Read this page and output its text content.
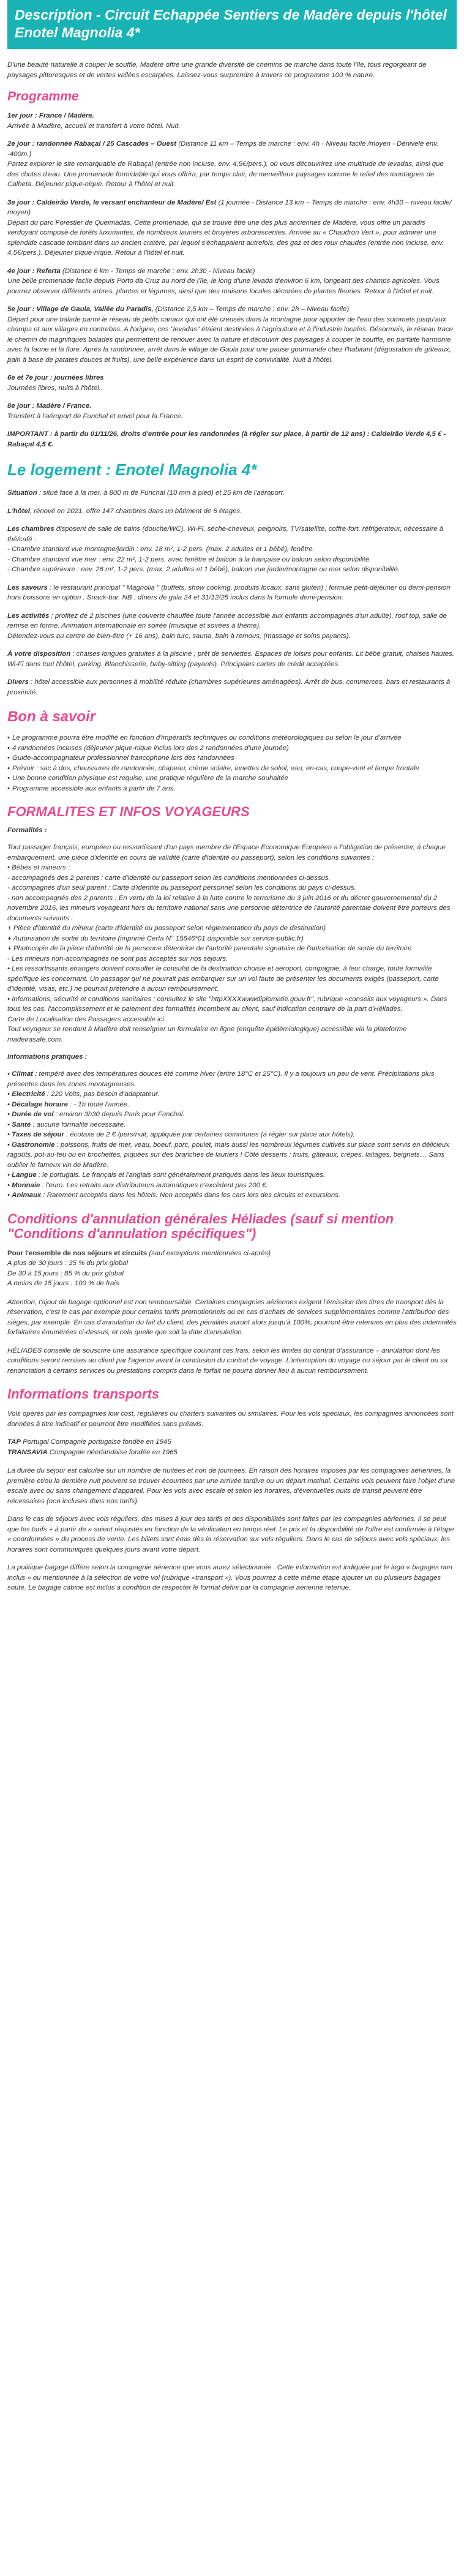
Description - Circuit Echappée Sentiers de Madère depuis l'hôtel Enotel Magnolia 4*

D'une beauté naturelle à couper le souffle, Madère offre une grande diversité de chemins de marche dans toute l'île, tous regorgeant de paysages pittoresques et de vertes vallées escarpées. Laissez-vous surprendre à travers ce programme 100 % nature.

Programme

1er jour : France / Madère.
Arrivée à Madère, accueil et transfert à votre hôtel. Nuit.

2e jour : randonnée Rabaçal / 25 Cascades – Ouest (Distance 11 km – Temps de marche : env. 4h - Niveau facile /moyen - Dénivelé env. -400m.)
Partez explorer le site remarquable de Rabaçal (entrée non incluse, env. 4,5€/pers.), où vous découvrirez une multitude de levadas, ainsi que des chutes d'eau. Une promenade formidable qui vous offrira, par temps clair, de merveilleux paysages comme le relief des montagnes de Calheta. Déjeuner pique-nique. Retour à l'hôtel et nuit.

3e jour : Caldeirão Verde, le versant enchanteur de Madère/ Est (1 journée - Distance 13 km – Temps de marche : env. 4h30 – niveau facile/ moyen)
Départ du parc Forestier de Queimadas. Cette promenade, qui se trouve être une des plus anciennes de Madère, vous offre un paradis verdoyant composé de forêts luxuriantes, de nombreux lauriers et bruyères arborescentes. Arrivée au « Chaudron Vert », pour admirer une splendide cascade tombant dans un ancien cratère, par lequel s'échappaient autrefois, des gaz et des roux chaudes (entrée non incluse, env. 4,5€/pers.). Déjeuner pique-nique. Retour à l'hôtel et nuit.

4e jour : Referta (Distance 6 km - Temps de marche : env. 2h30 - Niveau facile)
Une belle promenade facile depuis Porto da Cruz au nord de l'île, le long d'une levada d'environ 6 km, longeant des champs agricoles. Vous pourrez observer différents arbres, plantes et légumes, ainsi que des maisons locales décorées de plantes fleuries. Retour à l'hôtel et nuit.

5e jour : Village de Gaula, Vallée du Paradis, (Distance 2,5 km – Temps de marche : env. 2h – Niveau facile)
Départ pour une balade parmi le réseau de petits canaux qui ont été creusés dans la montagne pour apporter de l'eau des sommets jusqu'aux champs et aux villages en contrebas. A l'origine, ces "levadas" étaient destinées à l'agriculture et à l'industrie locales. Désormais, le réseau trace le chemin de magnifiques balades qui permettent de renouer avec la nature et découvrir des paysages à couper le souffle, en parfaite harmonie avec la faune et la flore. Après la randonnée, arrêt dans le village de Gaula pour une pause gourmande chez l'habitant (dégustation de gâteaux, pain à base de patates douces et fruits), une belle expérience dans un esprit de convivialité. Nuit à l'hôtel.

6e et 7e jour : journées libres
Journées libres, nuits à l'hôtel..

8e jour : Madère / France.
Transfert à l'aéroport de Funchal et envol pour la France.

IMPORTANT : à partir du 01/11/26, droits d'entrée pour les randonnées (à régler sur place, à partir de 12 ans) : Caldeirão Verde 4,5 € - Rabaçal 4,5 €.

Le logement : Enotel Magnolia 4*

Situation : situé face à la mer, à 800 m de Funchal (10 min à pied) et 25 km de l'aéroport.

L'hôtel, rénové en 2021, offre 147 chambres dans un bâtiment de 6 étages.

Les chambres disposent de salle de bains (douche/WC), Wi-Fi, sèche-cheveux, peignoirs, TV/satellite, coffre-fort, réfrigérateur, nécessaire à thé/café :
- Chambre standard vue montagne/jardin : env. 18 m², 1-2 pers. (max. 2 adultes et 1 bébé), fenêtre.
- Chambre standard vue mer : env. 22 m², 1-2 pers. avec fenêtre et balcon à la française ou balcon selon disponibilité.
- Chambre supérieure : env. 26 m², 1-2 pers. (max. 2 adultes et 1 bébé), balcon vue jardin/montagne ou mer selon disponibilité.

Les saveurs : le restaurant principal " Magnolia " (buffets, show cooking, produits locaux, sans gluten) ; formule petit-déjeuner ou demi-pension hors boissons en option . Snack-bar. NB : dîners de gala 24 et 31/12/25 inclus dans la formule demi-pension.

Les activités : profitez de 2 piscines (une couverte chauffée toute l'année accessible aux enfants accompagnés d'un adulte), roof top, salle de remise en forme. Animation internationale en soirée (musique et soirées à thème).
Détendez-vous au centre de bien-être (+ 16 ans), bain turc, sauna, bain à remous, (massage et soins payants).

À votre disposition : chaises longues gratuites à la piscine ; prêt de serviettes. Espaces de loisirs pour enfants. Lit bébé gratuit, chaises hautes. Wi-Fi dans tout l'hôtel, parking. Blanchisserie, baby-sitting (payants). Principales cartes de crédit acceptées.

Divers : hôtel accessible aux personnes à mobilité réduite (chambres supérieures aménagées). Arrêt de bus, commerces, bars et restaurants à proximité.

Bon à savoir
• Le programme pourra être modifié en fonction d'impératifs techniques ou conditions météorologiques ou selon le jour d'arrivée
• 4 randonnées incluses (déjeuner pique-nique inclus lors des 2 randonnées d'une journée)
• Guide-accompagnateur professionnel francophone lors des randonnées
• Prévoir : sac à dos, chaussures de randonnée, chapeau, crème solaire, lunettes de soleil, eau, en-cas, coupe-vent et lampe frontale
• Une bonne condition physique est requise, une pratique régulière de la marche souhaitée
• Programme accessible aux enfants à partir de 7 ans.
FORMALITES ET INFOS VOYAGEURS
Formalités :
Tout passager français, européen ou ressortissant d'un pays membre de l'Espace Economique Européen a l'obligation de présenter, à chaque embarquement, une pièce d'identité en cours de validité (carte d'identité ou passeport), selon les conditions suivantes :
• Bébés et mineurs :
- accompagnés des 2 parents : carte d'identité ou passeport selon les conditions mentionnées ci-dessus.
- accompagnés d'un seul parent : Carte d'identité ou passeport personnel selon les conditions du pays ci-dessus.
- non accompagnés des 2 parents : En vertu de la loi relative à la lutte contre le terrorisme du 3 juin 2016 et du décret gouvernemental du 2 novembre 2016, les mineurs voyageant hors du territoire national sans une personne détentrice de l'autorité parentale doivent être porteurs des documents suivants :
+ Pièce d'identité du mineur (carte d'identité ou passeport selon réglementation du pays de destination)
+ Autorisation de sortie du territoire (imprimé Cerfa N° 15646*01 disponible sur service-public.fr)
+ Photocopie de la pièce d'identité de la personne détentrice de l'autorité parentale signataire de l'autorisation de sortie du territoire
- Les mineurs non-accompagnés ne sont pas acceptés sur nos séjours.
• Les ressortissants étrangers doivent consulter le consulat de la destination choisie et aéroport, compagnie, à leur charge, toute formalité spécifique les concernant. Un passager qui ne pourrait pas embarquer sur un vol faute de présenter les documents exigés (passeport, carte d'identité, visas, etc.) ne pourrait prétendre à aucun remboursement.
• Informations, sécurité et conditions sanitaires : consultez le site "httpXXXXwwwdiplomatie.gouv.fr", rubrique «conseils aux voyageurs ». Dans tous les cas, l'accomplissement et le paiement des formalités incombent au client, sauf indication contraire de la part d'Héliades.
Carte de Localisation des Passagers accessible ici
Tout voyageur se rendant à Madère doit renseigner un formulaire en ligne (enquête épidémiologique) accessible via la plateforme madeirasafe.com.
Informations pratiques :
• Climat : tempéré avec des températures douces été comme hiver (entre 18°C et 25°C). Il y a toujours un peu de vent. Précipitations plus présentes dans les zones montagneuses.
• Electricité : 220 Volts, pas besoin d'adaptateur.
• Décalage horaire : - 1h toute l'année.
• Durée de vol : environ 3h30 depuis Paris pour Funchal.
• Santé : aucune formalité nécessaire.
• Taxes de séjour : écotaxe de 2 € /pers/nuit, appliquée par certaines communes (à régler sur place aux hôtels).
• Gastronomie : poissons, fruits de mer, veau, boeuf, porc, poulet, mais aussi les nombreux légumes cultivés sur place sont servis en délicieux ragoûts, pot-au-feu ou en brochettes, piquées sur des branches de lauriers ! Côté desserts : fruits, gâteaux, crêpes, laitages, beignets… Sans oublier le fameux vin de Madère.
• Langue : le portugais. Le français et l'anglais sont généralement pratiqués dans les lieux touristiques.
• Monnaie : l'euro. Les retraits aux distributeurs automatiques n'excèdent pas 200 €.
• Animaux : Rarement acceptés dans les hôtels. Non acceptés dans les cars lors des circuits et excursions.
Conditions d'annulation générales Héliades (sauf si mention "Conditions d'annulation spécifiques")
Pour l'ensemble de nos séjours et circuits (sauf exceptions mentionnées ci-après)
A plus de 30 jours : 35 % du prix global
De 30 à 15 jours : 85 % du prix global
A moins de 15 jours : 100 % de frais

Attention, l'ajout de bagage optionnel est non remboursable. Certaines compagnies aériennes exigent l'émission des titres de transport dès la réservation, c'est le cas par exemple pour certains tarifs promotionnels ou en cas d'achats de services supplémentaires comme l'attribution des sièges, par exemple. En cas d'annulation du fait du client, des pénalités auront alors jusqu'à 100%, pourront être retenues en plus des indemnités forfaitaires énumérées ci-dessus, et cela quelle que soit la date d'annulation.

HÉLIADES conseille de souscrire une assurance spécifique couvrant ces frais, selon les limites du contrat d'assurance – annulation dont les conditions seront remises au client par l'agence avant la conclusion du contrat de voyage. L'interruption du voyage ou séjour par le client ou sa renonciation à certains services ou prestations compris dans le forfait ne pourra donner lieu à aucun remboursement.

Informations transports

Vols opérés par les compagnies low cost, régulières ou charters suivantes ou similaires. Pour les vols spéciaux, les compagnies annoncées sont données à titre indicatif et pourront être modifiées sans préavis.

TAP Portugal Compagnie portugaise fondée en 1945
TRANSAVIA Compagnie néerlandaise fondée en 1965

La durée du séjour est calculée sur un nombre de nuitées et non de journées. En raison des horaires imposés par les compagnies aériennes, la première et/ou la dernière nuit peuvent se trouver écourtées par une arrivée tardive ou un départ matinal. Certains vols peuvent faire l'objet d'une escale avec ou sans changement d'appareil. Pour les vols avec escale et selon les horaires, d'éventuelles nuits de transit peuvent être nécessaires (non incluses dans nos tarifs).

Dans le cas de séjours avec vols réguliers, des mises à jour des tarifs et des disponibilités sont faites par les compagnies aériennes. Il se peut que les tarifs + à partir de » soient réajustés en fonction de la vérification en temps réel. Le prix et la disponibilité de l'offre est confirmée à l'étape « coordonnées » du process de vente. Les billets sont émis dès la réservation sur vols réguliers. Dans le cas de séjours avec vols spéciaux, les horaires sont communiqués quelques jours avant votre départ.

La politique bagage diffère selon la compagnie aérienne que vous aurez sélectionnée . Cette information est indiquée par le logo « bagages non inclus » ou mentionnée à la sélection de votre vol (rubrique «transport »). Vous pourrez à cette même étape ajouter un ou plusieurs bagages soute. Le bagage cabine est inclus à condition de respecter le format défini par la compagnie aérienne retenue.
